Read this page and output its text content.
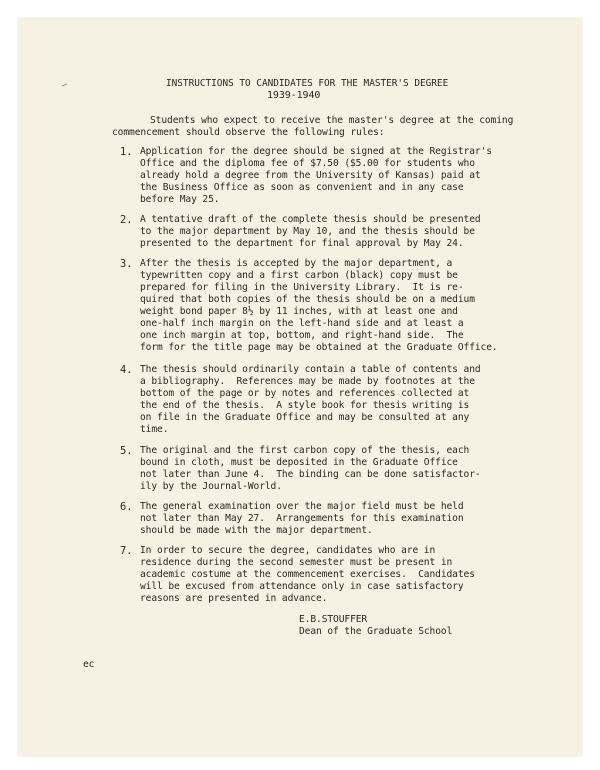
INSTRUCTIONS TO CANDIDATES FOR THE MASTER'S DEGREE

1939-1940

Students who expect to receive the master's degree at the coming

commencement should observe the following rules:

1. Application for the degree should be signed at the Registrar's

Office and the diploma fee of $7.50 ($5.00 for students who

already hold a degree from the University of Kansas) paid at

the Business Office as soon as convenient and in any case

before May 25.

2. A tentative draft of the complete thesis should be presented

to the major department by May 10, and the thesis should be

presented to the department for final approval by May 24.

3. After the thesis is accepted by the major department, a

typewritten copy and a first carbon (black) copy must be

prepared for filing in the University Library.  It is re-

quired that both copies of the thesis should be on a medium

weight bond paper 8½ by 11 inches, with at least one and

one-half inch margin on the left-hand side and at least a

one inch margin at top, bottom, and right-hand side.  The

form for the title page may be obtained at the Graduate Office.

4. The thesis should ordinarily contain a table of contents and

a bibliography.  References may be made by footnotes at the

bottom of the page or by notes and references collected at

the end of the thesis.  A style book for thesis writing is

on file in the Graduate Office and may be consulted at any

time.

5. The original and the first carbon copy of the thesis, each

bound in cloth, must be deposited in the Graduate Office

not later than June 4.  The binding can be done satisfactor-

ily by the Journal-World.

6. The general examination over the major field must be held

not later than May 27.  Arrangements for this examination

should be made with the major department.

7. In order to secure the degree, candidates who are in

residence during the second semester must be present in

academic costume at the commencement exercises.  Candidates

will be excused from attendance only in case satisfactory

reasons are presented in advance.

E.B.STOUFFER

Dean of the Graduate School

ec
